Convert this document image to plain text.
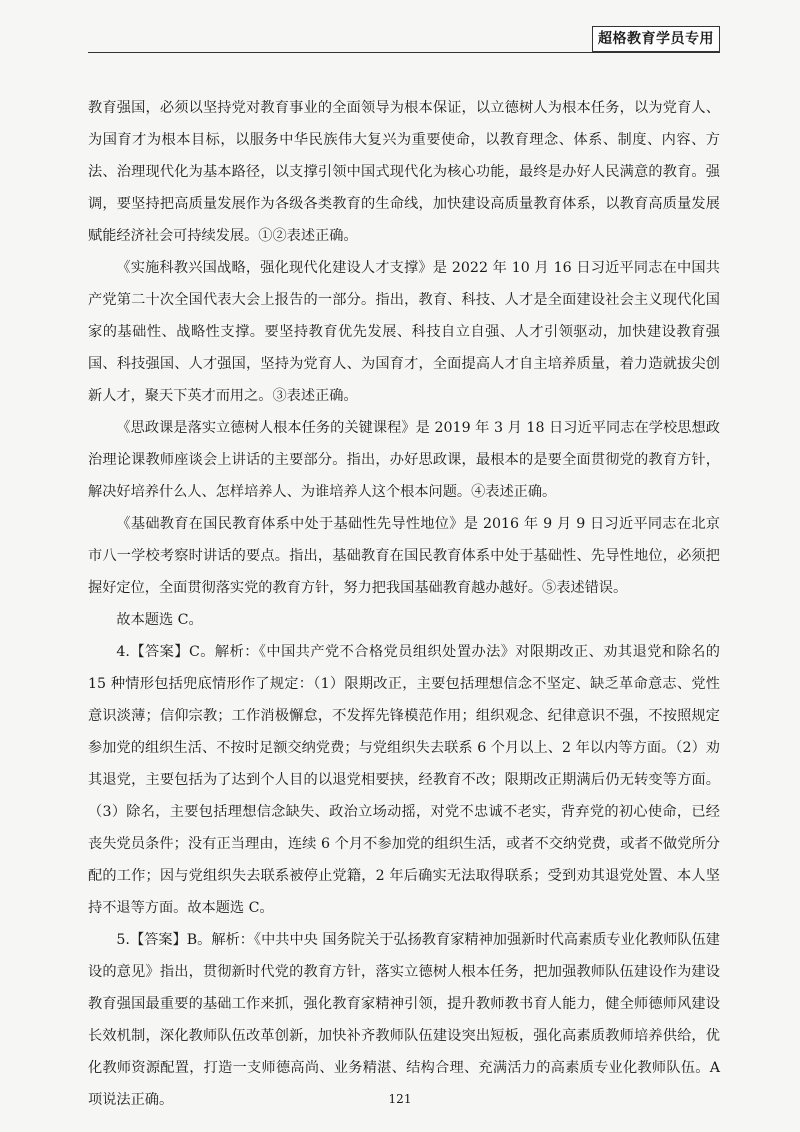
超格教育学员专用

教育强国，必须以坚持党对教育事业的全面领导为根本保证，以立德树人为根本任务，以为党育人、为国育才为根本目标，以服务中华民族伟大复兴为重要使命，以教育理念、体系、制度、内容、方法、治理现代化为基本路径，以支撑引领中国式现代化为核心功能，最终是办好人民满意的教育。强调，要坚持把高质量发展作为各级各类教育的生命线，加快建设高质量教育体系，以教育高质量发展赋能经济社会可持续发展。①②表述正确。

《实施科教兴国战略，强化现代化建设人才支撑》是 2022 年 10 月 16 日习近平同志在中国共产党第二十次全国代表大会上报告的一部分。指出，教育、科技、人才是全面建设社会主义现代化国家的基础性、战略性支撑。要坚持教育优先发展、科技自立自强、人才引领驱动，加快建设教育强国、科技强国、人才强国，坚持为党育人、为国育才，全面提高人才自主培养质量，着力造就拔尖创新人才，聚天下英才而用之。③表述正确。

《思政课是落实立德树人根本任务的关键课程》是 2019 年 3 月 18 日习近平同志在学校思想政治理论课教师座谈会上讲话的主要部分。指出，办好思政课，最根本的是要全面贯彻党的教育方针，解决好培养什么人、怎样培养人、为谁培养人这个根本问题。④表述正确。

《基础教育在国民教育体系中处于基础性先导性地位》是 2016 年 9 月 9 日习近平同志在北京市八一学校考察时讲话的要点。指出，基础教育在国民教育体系中处于基础性、先导性地位，必须把握好定位，全面贯彻落实党的教育方针，努力把我国基础教育越办越好。⑤表述错误。

故本题选 C。

4.【答案】C。解析：《中国共产党不合格党员组织处置办法》对限期改正、劝其退党和除名的 15 种情形包括兜底情形作了规定：（1）限期改正，主要包括理想信念不坚定、缺乏革命意志、党性意识淡薄；信仰宗教；工作消极懈怠，不发挥先锋模范作用；组织观念、纪律意识不强，不按照规定参加党的组织生活、不按时足额交纳党费；与党组织失去联系 6 个月以上、2 年以内等方面。（2）劝其退党，主要包括为了达到个人目的以退党相要挟，经教育不改；限期改正期满后仍无转变等方面。（3）除名，主要包括理想信念缺失、政治立场动摇，对党不忠诚不老实，背弃党的初心使命，已经丧失党员条件；没有正当理由，连续 6 个月不参加党的组织生活，或者不交纳党费，或者不做党所分配的工作；因与党组织失去联系被停止党籍，2 年后确实无法取得联系；受到劝其退党处置、本人坚持不退等方面。故本题选 C。

5.【答案】B。解析：《中共中央 国务院关于弘扬教育家精神加强新时代高素质专业化教师队伍建设的意见》指出，贯彻新时代党的教育方针，落实立德树人根本任务，把加强教师队伍建设作为建设教育强国最重要的基础工作来抓，强化教育家精神引领，提升教师教书育人能力，健全师德师风建设长效机制，深化教师队伍改革创新，加快补齐教师队伍建设突出短板，强化高素质教师培养供给，优化教师资源配置，打造一支师德高尚、业务精湛、结构合理、充满活力的高素质专业化教师队伍。A 项说法正确。	121
